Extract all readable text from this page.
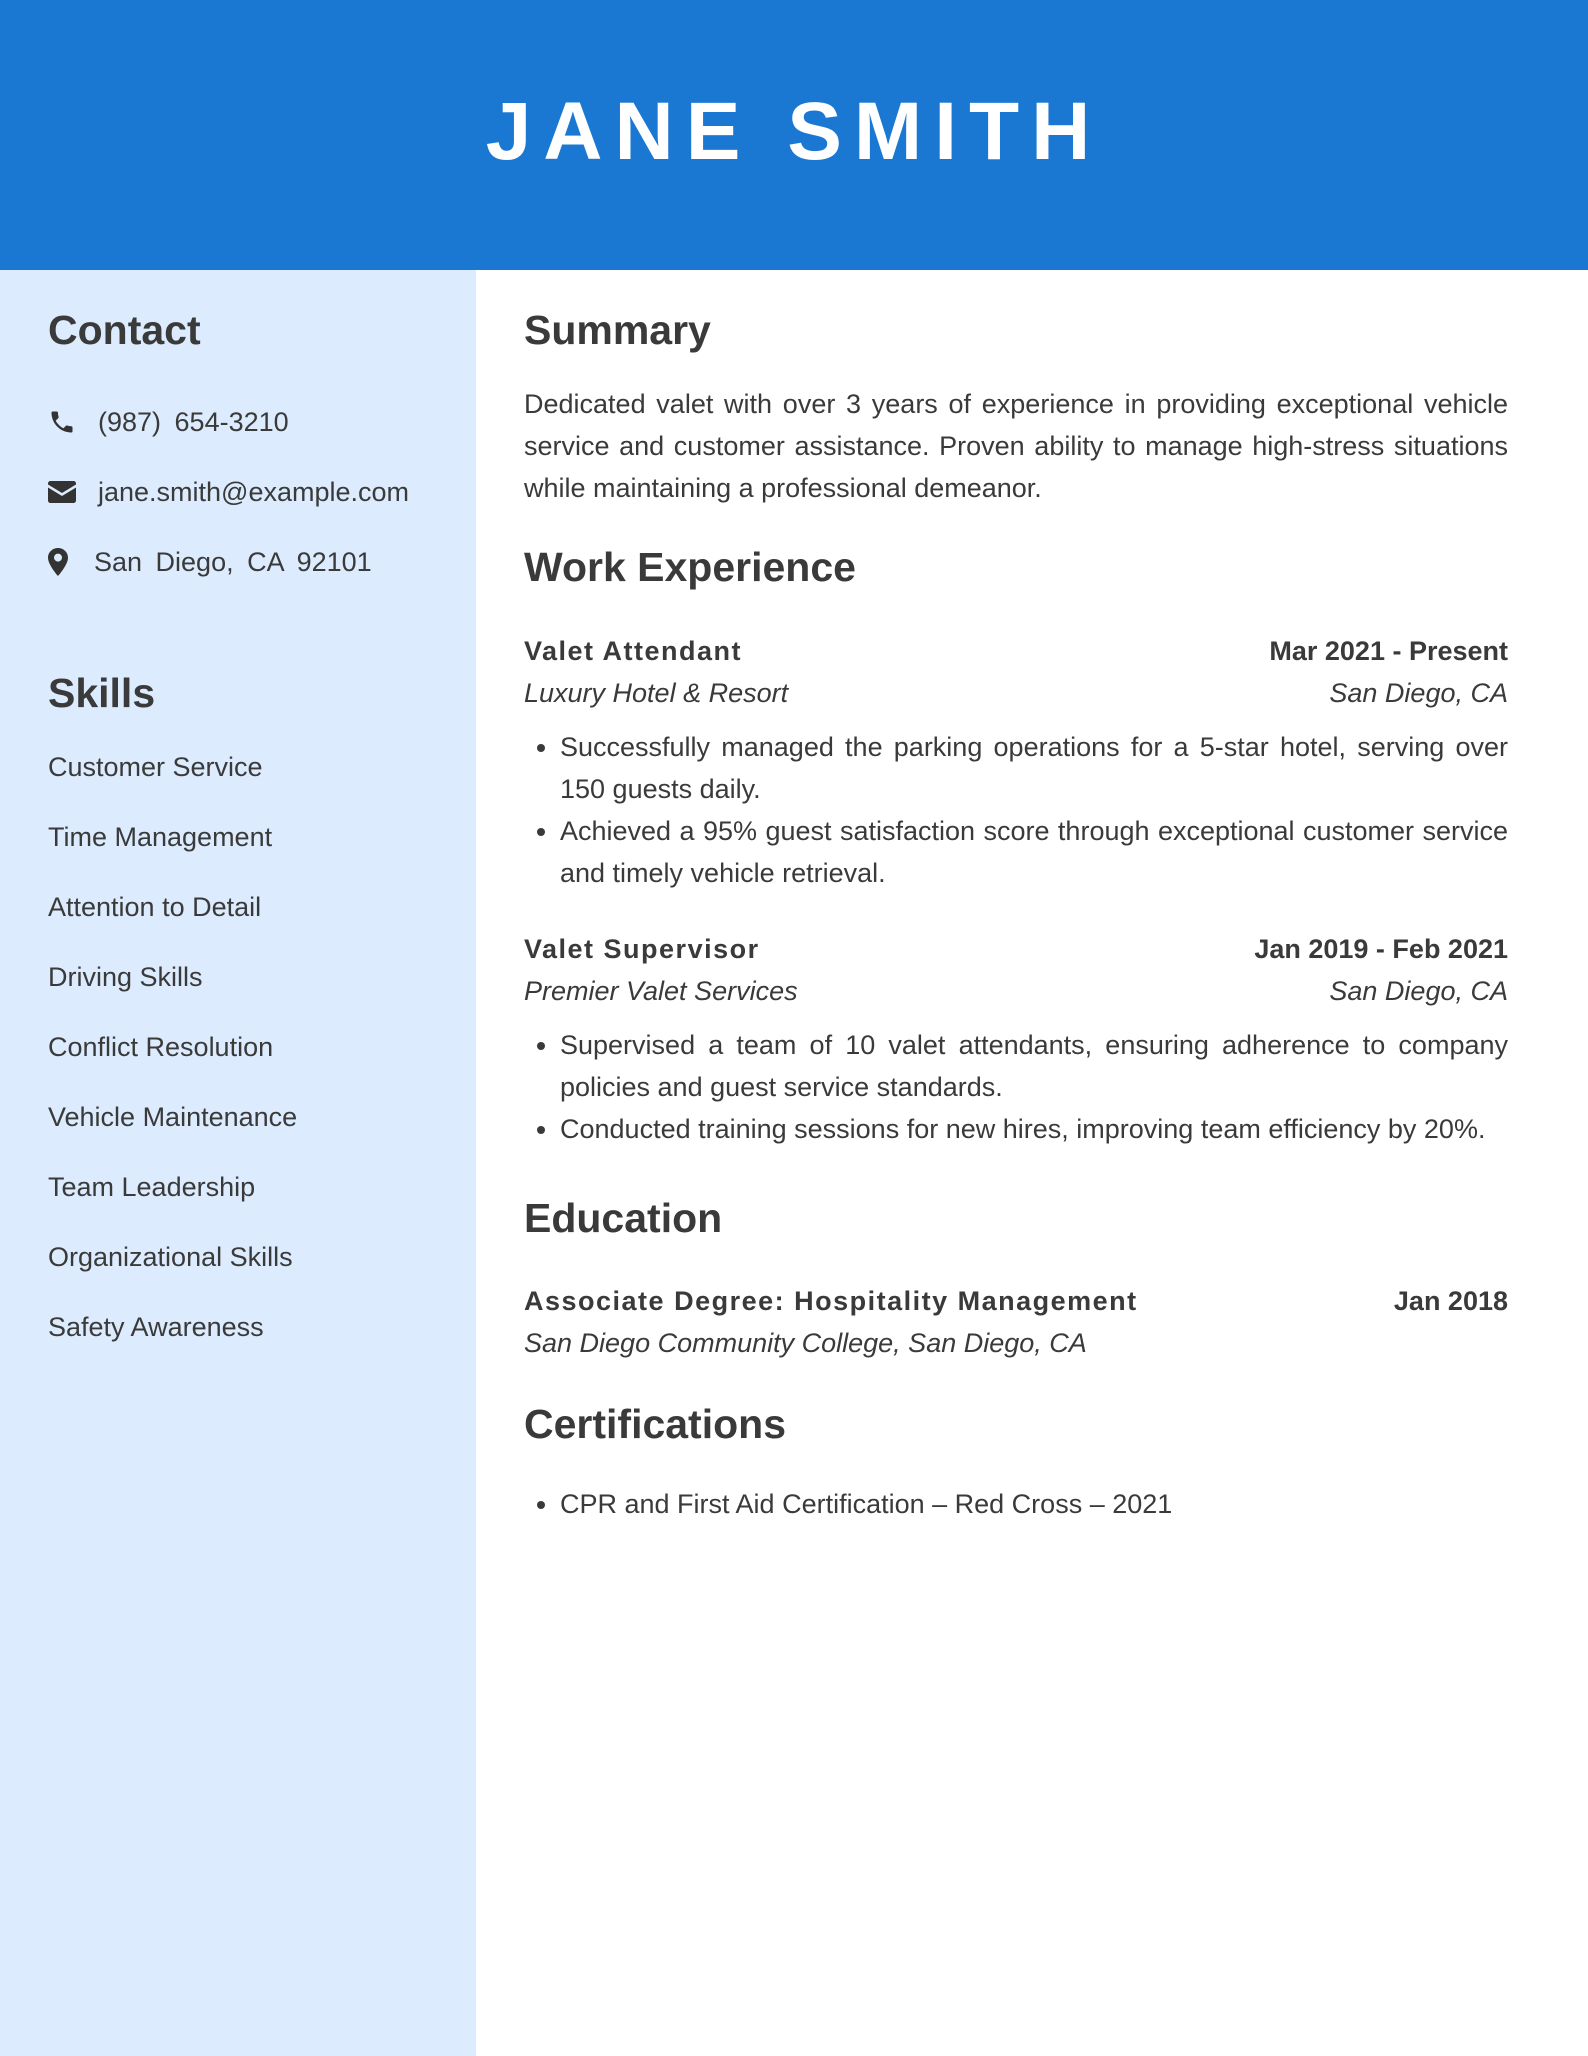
JANE SMITH
Contact
(987) 654-3210
jane.smith@example.com
San Diego, CA 92101
Skills
Customer Service
Time Management
Attention to Detail
Driving Skills
Conflict Resolution
Vehicle Maintenance
Team Leadership
Organizational Skills
Safety Awareness
Summary

Dedicated valet with over 3 years of experience in providing exceptional vehicle service and customer assistance. Proven ability to manage high-stress situations while maintaining a professional demeanor.

Work Experience
Valet Attendant	Mar 2021 - Present
Luxury Hotel & Resort	San Diego, CA
• Successfully managed the parking operations for a 5-star hotel, serving over 150 guests daily.
• Achieved a 95% guest satisfaction score through exceptional customer service and timely vehicle retrieval.
Valet Supervisor	Jan 2019 - Feb 2021
Premier Valet Services	San Diego, CA
• Supervised a team of 10 valet attendants, ensuring adherence to company policies and guest service standards.
• Conducted training sessions for new hires, improving team efficiency by 20%.
Education
Associate Degree: Hospitality Management	Jan 2018
San Diego Community College, San Diego, CA
Certifications
• CPR and First Aid Certification – Red Cross – 2021
